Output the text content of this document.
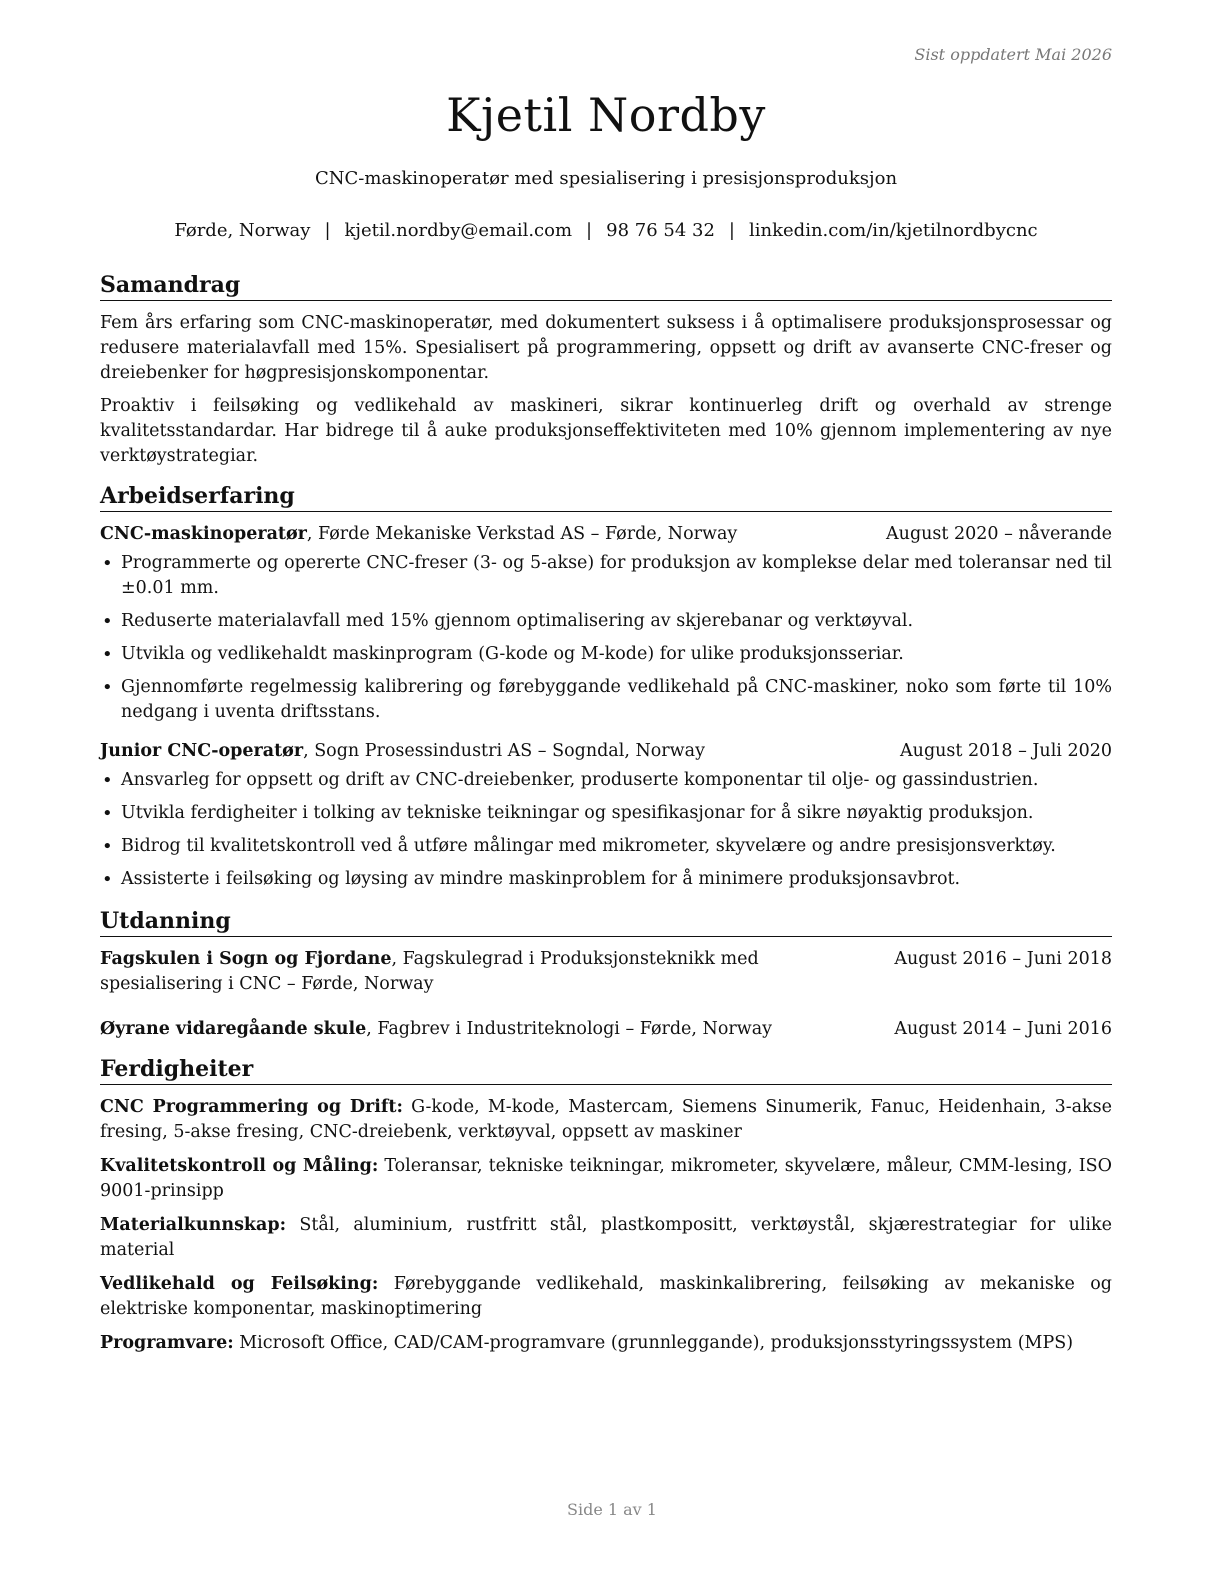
Sist oppdatert Mai 2026
Kjetil Nordby
CNC-maskinoperatør med spesialisering i presisjonsproduksjon
Førde, Norway | kjetil.nordby@email.com | 98 76 54 32 | linkedin.com/in/kjetilnordbycnc
Samandrag

Fem års erfaring som CNC-maskinoperatør, med dokumentert suksess i å optimalisere produksjonsprosessar og redusere materialavfall med 15%. Spesialisert på programmering, oppsett og drift av avanserte CNC-freser og dreiebenker for høgpresisjonskomponentar.

Proaktiv i feilsøking og vedlikehald av maskineri, sikrar kontinuerleg drift og overhald av strenge kvalitetsstandardar. Har bidrege til å auke produksjonseffektiviteten med 10% gjennom implementering av nye verktøystrategiar.

Arbeidserfaring
CNC-maskinoperatør, Førde Mekaniske Verkstad AS – Førde, Norway	August 2020 – nåverande
• Programmerte og opererte CNC-freser (3- og 5-akse) for produksjon av komplekse delar med toleransar ned til ±0.01 mm.
• Reduserte materialavfall med 15% gjennom optimalisering av skjerebanar og verktøyval.
• Utvikla og vedlikehaldt maskinprogram (G-kode og M-kode) for ulike produksjonsseriar.
• Gjennomførte regelmessig kalibrering og førebyggande vedlikehald på CNC-maskiner, noko som førte til 10% nedgang i uventa driftsstans.
Junior CNC-operatør, Sogn Prosessindustri AS – Sogndal, Norway	August 2018 – Juli 2020
• Ansvarleg for oppsett og drift av CNC-dreiebenker, produserte komponentar til olje- og gassindustrien.
• Utvikla ferdigheiter i tolking av tekniske teikningar og spesifikasjonar for å sikre nøyaktig produksjon.
• Bidrog til kvalitetskontroll ved å utføre målingar med mikrometer, skyvelære og andre presisjonsverktøy.
• Assisterte i feilsøking og løysing av mindre maskinproblem for å minimere produksjonsavbrot.
Utdanning
Fagskulen i Sogn og Fjordane, Fagskulegrad i Produksjonsteknikk med spesialisering i CNC – Førde, Norway
August 2016 – Juni 2018
Øyrane vidaregåande skule, Fagbrev i Industriteknologi – Førde, Norway	August 2014 – Juni 2016
Ferdigheiter
CNC Programmering og Drift: G-kode, M-kode, Mastercam, Siemens Sinumerik, Fanuc, Heidenhain, 3-akse fresing, 5-akse fresing, CNC-dreiebenk, verktøyval, oppsett av maskiner
Kvalitetskontroll og Måling: Toleransar, tekniske teikningar, mikrometer, skyvelære, måleur, CMM-lesing, ISO 9001-prinsipp
Materialkunnskap: Stål, aluminium, rustfritt stål, plastkompositt, verktøystål, skjærestrategiar for ulike material
Vedlikehald og Feilsøking: Førebyggande vedlikehald, maskinkalibrering, feilsøking av mekaniske og elektriske komponentar, maskinoptimering
Programvare: Microsoft Office, CAD/CAM-programvare (grunnleggande), produksjonsstyringssystem (MPS)
Side 1 av 1
